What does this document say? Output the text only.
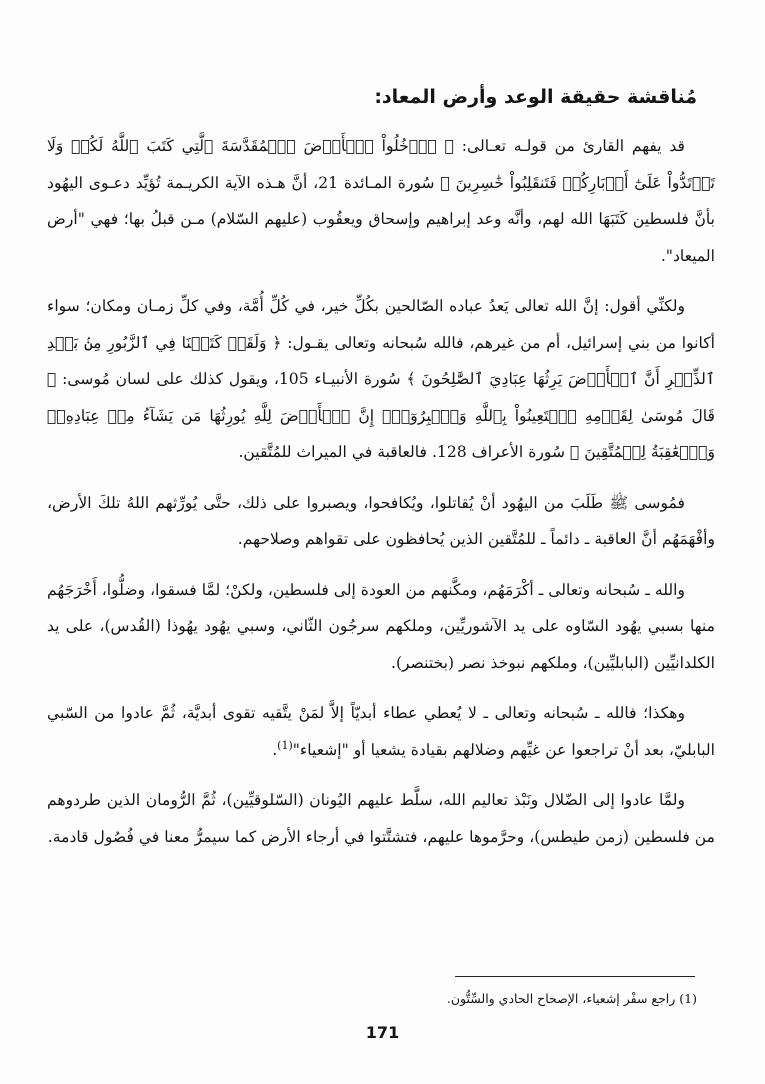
مُناقشة حقيقة الوعد وأرض المعاد:

قد يفهم القارئ من قولـه تعـالى: ﴿ ٱدۡخُلُواْ ٱلۡأَرۡضَ ٱلۡمُقَدَّسَةَ ٱلَّتِي كَتَبَ ٱللَّهُ لَكُمۡ وَلَا تَرۡتَدُّواْ عَلَىٰٓ أَدۡبَارِكُمۡ فَتَنقَلِبُواْ خَٰسِرِينَ ﴾ سُورة المـائدة 21، أنَّ هـذه الآية الكريـمة تُؤيِّد دعـوى اليهُود بأنَّ فلسطين كَتَبَهَا الله لهم، وأنَّه وعد إبراهيم وإسحاق ويعقُوب (عليهم السّلام) مـن قبلُ بها؛ فهي "أرض الميعاد".

ولكنِّي أقول: إنَّ الله تعالى يَعدُ عباده الصّالحين بكُلِّ خير، في كُلِّ أُمَّة، وفي كلِّ زمـان ومكان؛ سواء أكانوا من بني إسرائيل، أم من غيرهم، فالله سُبحانه وتعالى يقـول: ﴿ وَلَقَدۡ كَتَبۡنَا فِي ٱلزَّبُورِ مِنۢ بَعۡدِ ٱلذِّكۡرِ أَنَّ ٱلۡأَرۡضَ يَرِثُهَا عِبَادِيَ ٱلصَّٰلِحُونَ ﴾ سُورة الأنبيـاء 105، ويقول كذلك على لسان مُوسى: ﴿ قَالَ مُوسَىٰ لِقَوۡمِهِ ٱسۡتَعِينُواْ بِٱللَّهِ وَٱصۡبِرُوٓاْۖ إِنَّ ٱلۡأَرۡضَ لِلَّهِ يُورِثُهَا مَن يَشَآءُ مِنۡ عِبَادِهِۦۖ وَٱلۡعَٰقِبَةُ لِلۡمُتَّقِينَ ﴾ سُورة الأعراف 128. فالعاقبة في الميراث للمُتَّقين.

فمُوسى ﷺ طَلَبَ من اليهُود أنْ يُقاتلوا، ويُكافحوا، ويصبروا على ذلك، حتَّى يُورِّثهم اللهُ تلكَ الأرض، وأفْهَمَهُم أنَّ العاقبة ـ دائماً ـ للمُتَّقين الذين يُحافظون على تقواهم وصلاحهم.

والله ـ سُبحانه وتعالى ـ أكْرَمَهُم، ومكَّنهم من العودة إلى فلسطين، ولكنْ؛ لمَّا فسقوا، وضلُّوا، أَخْرَجَهُم منها بسبي يهُود السّاوه على يد الآشوريِّين، وملكهم سرجُون الثّاني، وسبي يهُود يهُوذا (القُدس)، على يد الكلدانيِّين (البابليِّين)، وملكهم نبوخذ نصر (بختنصر).

وهكذا؛ فالله ـ سُبحانه وتعالى ـ لا يُعطي عطاء أبديّاً إلاَّ لمَنْ يتَّقيه تقوى أبديَّة، ثُمَّ عادوا من السّبي البابليّ، بعد أنْ تراجعوا عن غيِّهم وضلالهم بقيادة يشعيا أو "إشعياء"$^{(1)}$.

ولمَّا عادوا إلى الضّلال ونَبْذ تعاليم الله، سلَّط عليهم اليُونان (السّلوقيِّين)، ثُمَّ الرُّومان الذين طردوهم من فلسطين (زمن طيطس)، وحرَّموها عليهم، فتشتَّتوا في أرجاء الأرض كما سيمرُّ معنا في فُصُول قادمة.

(1) راجع سفْر إشعياء، الإصحاح الحادي والسِّتُّون.
171
